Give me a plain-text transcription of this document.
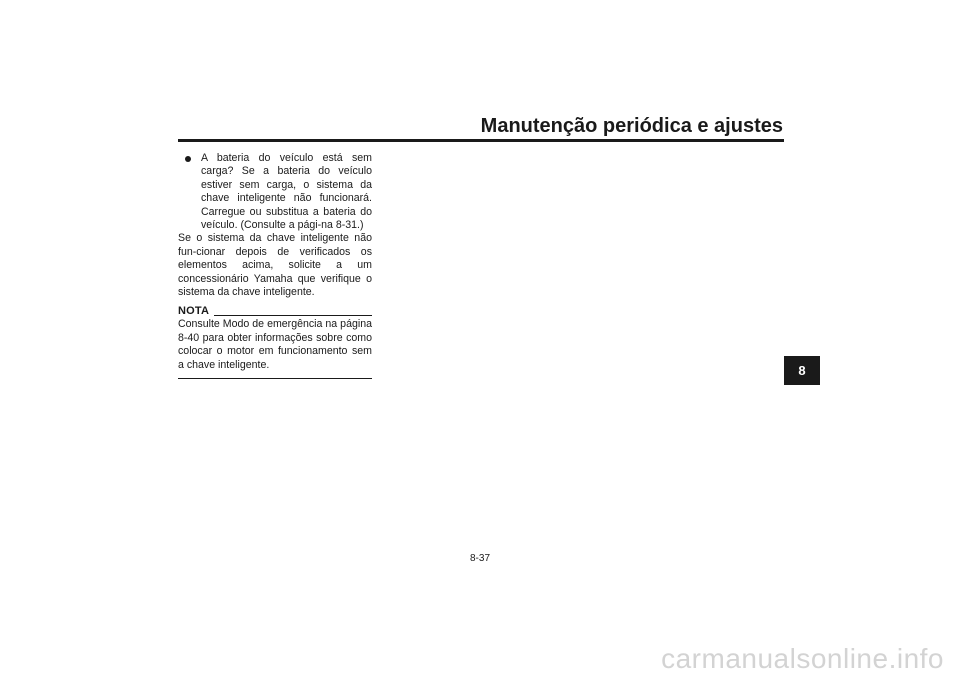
Manutenção periódica e ajustes
A bateria do veículo está sem carga? Se a bateria do veículo estiver sem carga, o sistema da chave inteligente não funcionará. Carregue ou substitua a bateria do veículo. (Consulte a pági-na 8-31.)
Se o sistema da chave inteligente não fun-cionar depois de verificados os elementos acima, solicite a um concessionário Yamaha que verifique o sistema da chave inteligente.
NOTA
Consulte Modo de emergência na página 8-40 para obter informações sobre como colocar o motor em funcionamento sem a chave inteligente.	8
8-37
carmanualsonline.info
